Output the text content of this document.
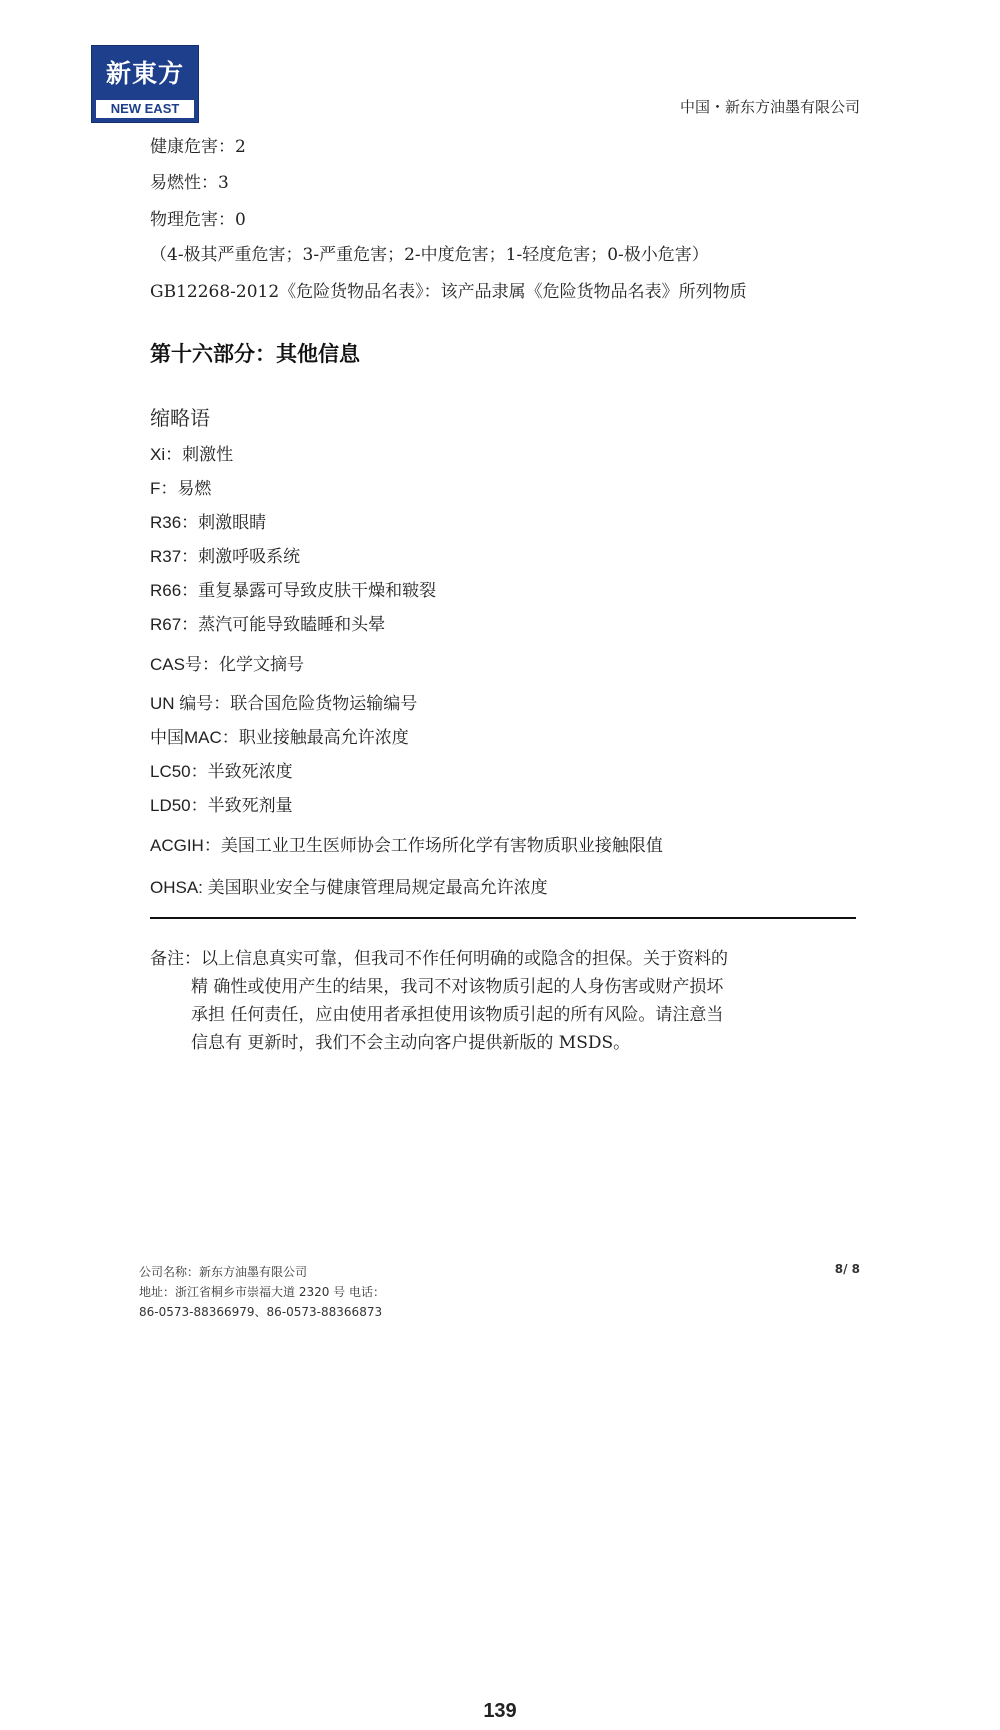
新東方
NEW EAST	中国・新东方油墨有限公司
健康危害：2
易燃性：3
物理危害：0
（4-极其严重危害；3-严重危害；2-中度危害；1-轻度危害；0-极小危害）
GB12268-2012《危险货物品名表》：该产品隶属《危险货物品名表》所列物质
第十六部分：其他信息
缩略语
Xi：刺激性
F：易燃
R36：刺激眼睛
R37：刺激呼吸系统
R66：重复暴露可导致皮肤干燥和皲裂
R67：蒸汽可能导致瞌睡和头晕
CAS号：化学文摘号
UN 编号：联合国危险货物运输编号
中国MAC：职业接触最高允许浓度
LC50：半致死浓度
LD50：半致死剂量
ACGIH：美国工业卫生医师协会工作场所化学有害物质职业接触限值
OHSA: 美国职业安全与健康管理局规定最高允许浓度
备注：以上信息真实可靠，但我司不作任何明确的或隐含的担保。关于资料的
精 确性或使用产生的结果，我司不对该物质引起的人身伤害或财产损坏
承担 任何责任，应由使用者承担使用该物质引起的所有风险。请注意当
信息有 更新时，我们不会主动向客户提供新版的 MSDS。
公司名称：新东方油墨有限公司
地址：浙江省桐乡市崇福大道 2320 号 电话：
86-0573-88366979、86-0573-88366873
8/ 8
139
